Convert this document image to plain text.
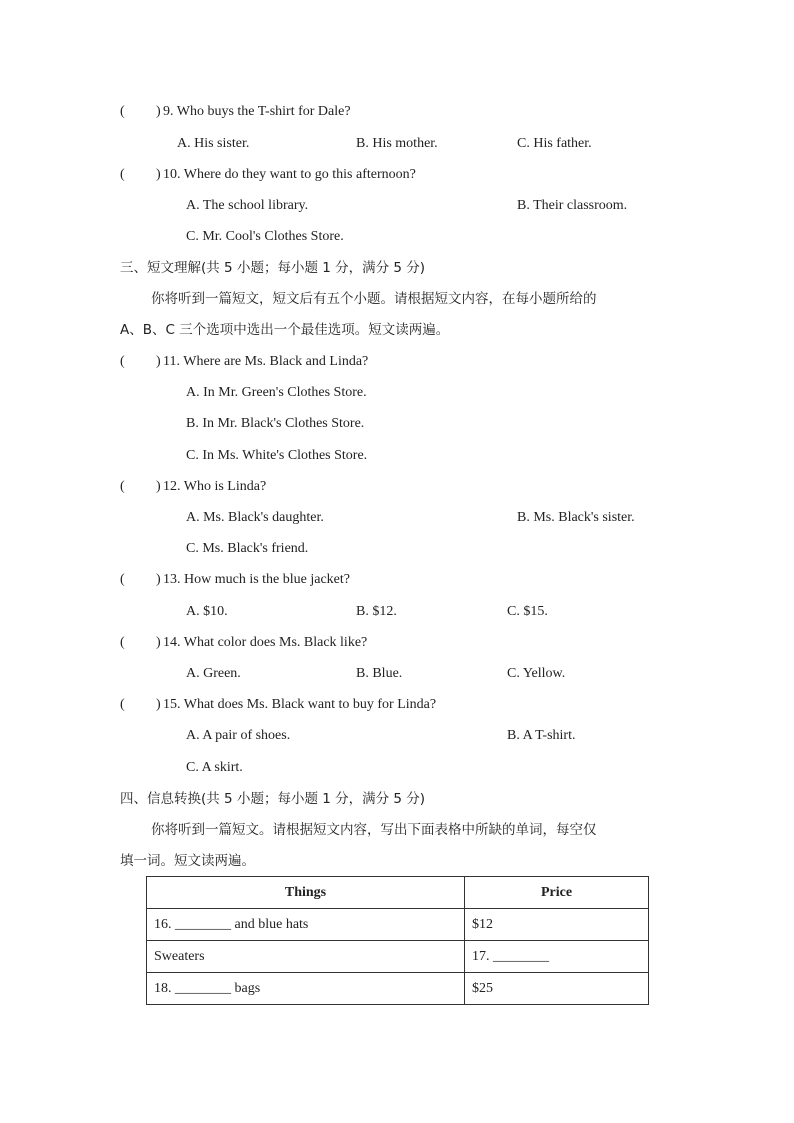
( ) 9. Who buys the T-shirt for Dale?
A. His sister.	B. His mother.	C. His father.
( ) 10. Where do they want to go this afternoon?
A. The school library.	B. Their classroom.
C. Mr. Cool's Clothes Store.
三、短文理解(共 5 小题；每小题 1 分，满分 5 分)
你将听到一篇短文，短文后有五个小题。请根据短文内容，在每小题所给的
A、B、C 三个选项中选出一个最佳选项。短文读两遍。
( ) 11. Where are Ms. Black and Linda?
A. In Mr. Green's Clothes Store.
B. In Mr. Black's Clothes Store.
C. In Ms. White's Clothes Store.
( ) 12. Who is Linda?
A. Ms. Black's daughter.	B. Ms. Black's sister.
C. Ms. Black's friend.
( ) 13. How much is the blue jacket?
A. $10.	B. $12.	C. $15.
( ) 14. What color does Ms. Black like?
A. Green.	B. Blue.	C. Yellow.
( ) 15. What does Ms. Black want to buy for Linda?
A. A pair of shoes.	B. A T-shirt.
C. A skirt.
四、信息转换(共 5 小题；每小题 1 分，满分 5 分)
你将听到一篇短文。请根据短文内容，写出下面表格中所缺的单词，每空仅
填一词。短文读两遍。
Things	Price
16. ________ and blue hats	$12
Sweaters	17. ________
18. ________ bags	$25
